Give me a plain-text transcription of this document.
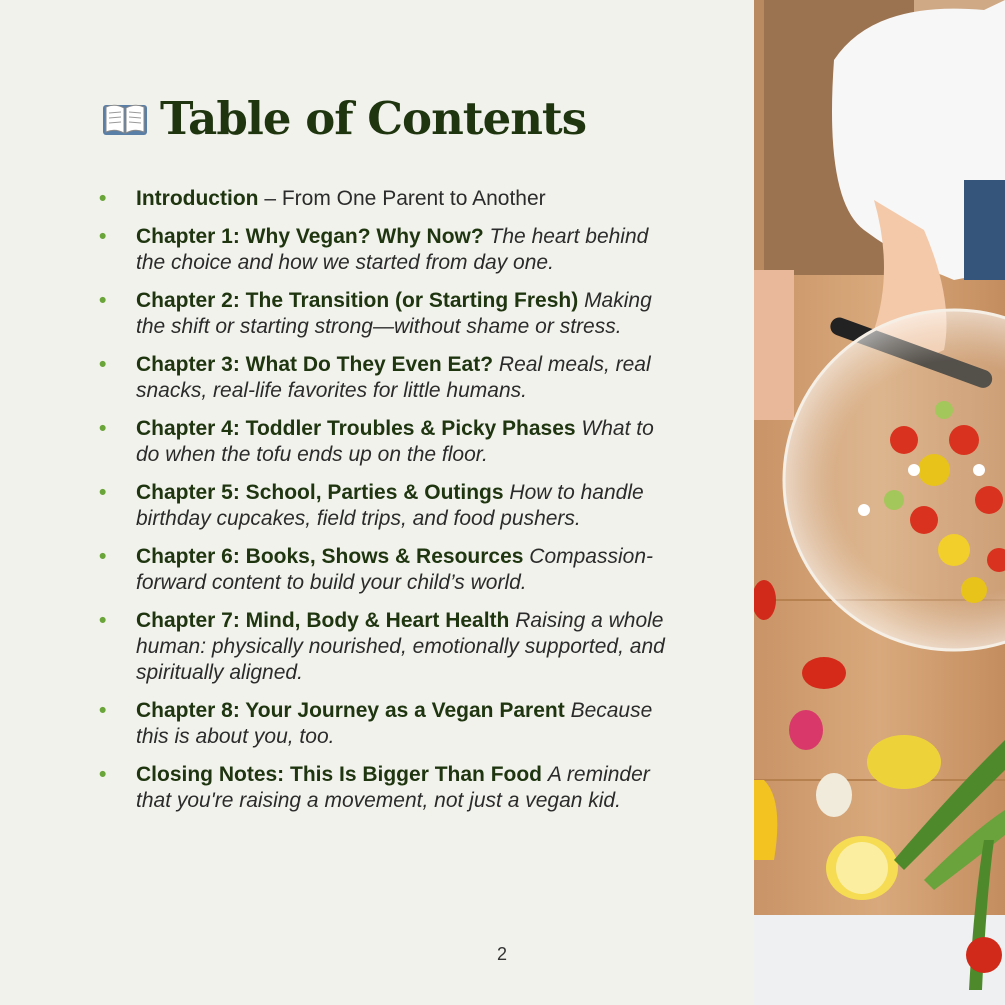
Table of Contents
• Introduction – From One Parent to Another
• Chapter 1: Why Vegan? Why Now? The heart behind the choice and how we started from day one.
• Chapter 2: The Transition (or Starting Fresh) Making the shift or starting strong—without shame or stress.
• Chapter 3: What Do They Even Eat? Real meals, real snacks, real-life favorites for little humans.
• Chapter 4: Toddler Troubles & Picky Phases What to do when the tofu ends up on the floor.
• Chapter 5: School, Parties & Outings How to handle birthday cupcakes, field trips, and food pushers.
• Chapter 6: Books, Shows & Resources Compassion-forward content to build your child’s world.
• Chapter 7: Mind, Body & Heart Health Raising a whole human: physically nourished, emotionally supported, and spiritually aligned.
• Chapter 8: Your Journey as a Vegan Parent Because this is about you, too.
• Closing Notes: This Is Bigger Than Food A reminder that you're raising a movement, not just a vegan kid.
2
